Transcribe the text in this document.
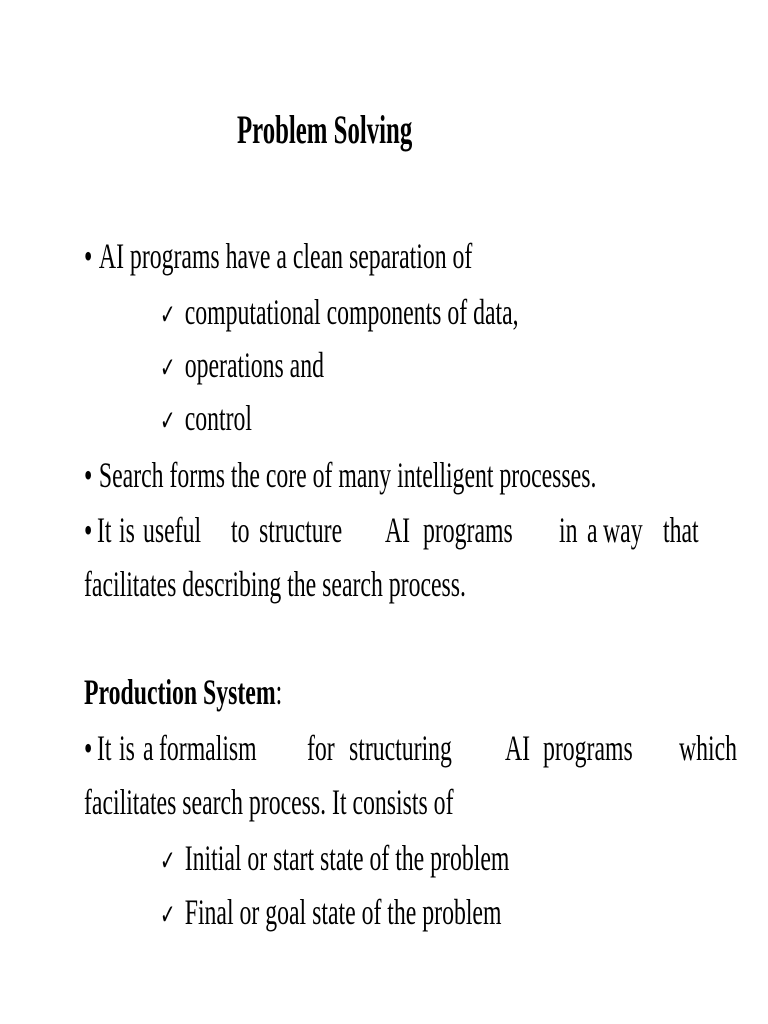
Problem Solving
• AI programs have a clean separation of
✓ computational components of data,
✓ operations and
✓ control
• Search forms the core of many intelligent processes.
• It is useful to structure AI programs in a way that
facilitates describing the search process.
Production System:
• It is a formalism for structuring AI programs which
facilitates search process. It consists of
✓ Initial or start state of the problem
✓ Final or goal state of the problem
